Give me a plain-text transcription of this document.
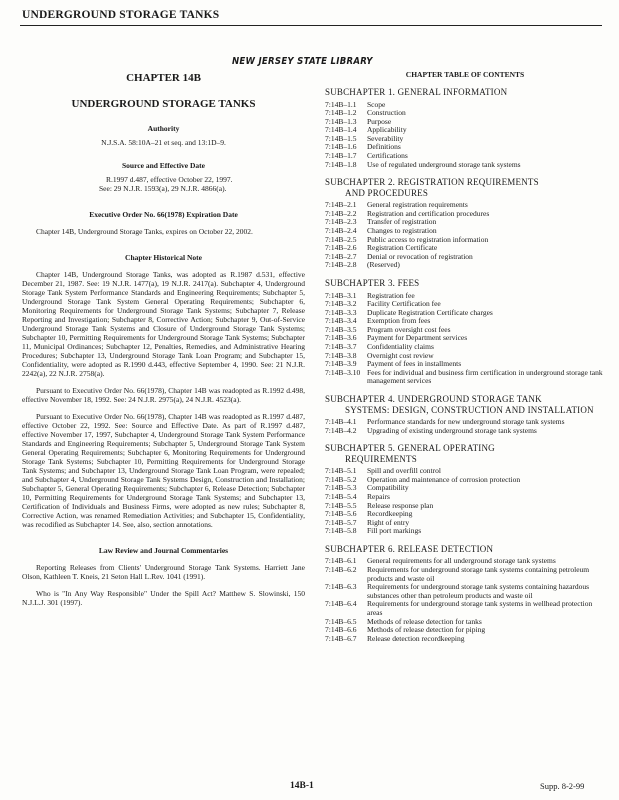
UNDERGROUND STORAGE TANKS
NEW JERSEY STATE LIBRARY
CHAPTER 14B
UNDERGROUND STORAGE TANKS
Authority
N.J.S.A. 58:10A–21 et seq. and 13:1D–9.
Source and Effective Date
R.1997 d.487, effective October 22, 1997.
See: 29 N.J.R. 1593(a), 29 N.J.R. 4866(a).
Executive Order No. 66(1978) Expiration Date

Chapter 14B, Underground Storage Tanks, expires on October 22, 2002.

Chapter Historical Note

Chapter 14B, Underground Storage Tanks, was adopted as R.1987 d.531, effective December 21, 1987. See: 19 N.J.R. 1477(a), 19 N.J.R. 2417(a). Subchapter 4, Underground Storage Tank System Performance Standards and Engineering Requirements; Subchapter 5, Underground Storage Tank System General Operating Requirements; Subchapter 6, Monitoring Requirements for Underground Storage Tank Systems; Subchapter 7, Release Reporting and Investigation; Subchapter 8, Corrective Action; Subchapter 9, Out-of-Service Underground Storage Tank Systems and Closure of Underground Storage Tank Systems; Subchapter 10, Permitting Requirements for Underground Storage Tank Systems; Subchapter 11, Municipal Ordinances; Subchapter 12, Penalties, Remedies, and Administrative Hearing Procedures; Subchapter 13, Underground Storage Tank Loan Program; and Subchapter 15, Confidentiality, were adopted as R.1990 d.443, effective September 4, 1990. See: 21 N.J.R. 2242(a), 22 N.J.R. 2758(a).

Pursuant to Executive Order No. 66(1978), Chapter 14B was readopted as R.1992 d.498, effective November 18, 1992. See: 24 N.J.R. 2975(a), 24 N.J.R. 4523(a).

Pursuant to Executive Order No. 66(1978), Chapter 14B was readopted as R.1997 d.487, effective October 22, 1992. See: Source and Effective Date. As part of R.1997 d.487, effective November 17, 1997, Subchapter 4, Underground Storage Tank System Performance Standards and Engineering Requirements; Subchapter 5, Underground Storage Tank System General Operating Requirements; Subchapter 6, Monitoring Requirements for Underground Storage Tank Systems; Subchapter 10, Permitting Requirements for Underground Storage Tank Systems; and Subchapter 13, Underground Storage Tank Loan Program, were repealed; and Subchapter 4, Underground Storage Tank Systems Design, Construction and Installation; Subchapter 5, General Operating Requirements; Subchapter 6, Release Detection; Subchapter 10, Permitting Requirements for Underground Storage Tank Systems; and Subchapter 13, Certification of Individuals and Business Firms, were adopted as new rules; Subchapter 8, Corrective Action, was renamed Remediation Activities; and Subchapter 15, Confidentiality, was recodified as Subchapter 14. See, also, section annotations.

Law Review and Journal Commentaries

Reporting Releases from Clients' Underground Storage Tank Systems. Harriett Jane Olson, Kathleen T. Kneis, 21 Seton Hall L.Rev. 1041 (1991).

Who is "In Any Way Responsible" Under the Spill Act? Matthew S. Slowinski, 150 N.J.L.J. 301 (1997).

CHAPTER TABLE OF CONTENTS
SUBCHAPTER 1. GENERAL INFORMATION
7:14B–1.1	Scope
7:14B–1.2	Construction
7:14B–1.3	Purpose
7:14B–1.4	Applicability
7:14B–1.5	Severability
7:14B–1.6	Definitions
7:14B–1.7	Certifications
7:14B–1.8	Use of regulated underground storage tank systems
SUBCHAPTER 2. REGISTRATION REQUIREMENTS
AND PROCEDURES
7:14B–2.1	General registration requirements
7:14B–2.2	Registration and certification procedures
7:14B–2.3	Transfer of registration
7:14B–2.4	Changes to registration
7:14B–2.5	Public access to registration information
7:14B–2.6	Registration Certificate
7:14B–2.7	Denial or revocation of registration
7:14B–2.8	(Reserved)
SUBCHAPTER 3. FEES
7:14B–3.1	Registration fee
7:14B–3.2	Facility Certification fee
7:14B–3.3	Duplicate Registration Certificate charges
7:14B–3.4	Exemption from fees
7:14B–3.5	Program oversight cost fees
7:14B–3.6	Payment for Department services
7:14B–3.7	Confidentiality claims
7:14B–3.8	Overnight cost review
7:14B–3.9	Payment of fees in installments
7:14B–3.10 Fees for individual and business firm certification in underground storage tank management services
SUBCHAPTER 4. UNDERGROUND STORAGE TANK
SYSTEMS: DESIGN, CONSTRUCTION AND INSTALLATION
7:14B–4.1	Performance standards for new underground storage tank systems
7:14B–4.2	Upgrading of existing underground storage tank systems
SUBCHAPTER 5. GENERAL OPERATING
REQUIREMENTS
7:14B–5.1	Spill and overfill control
7:14B–5.2	Operation and maintenance of corrosion protection
7:14B–5.3	Compatibility
7:14B–5.4	Repairs
7:14B–5.5	Release response plan
7:14B–5.6	Recordkeeping
7:14B–5.7	Right of entry
7:14B–5.8	Fill port markings
SUBCHAPTER 6. RELEASE DETECTION
7:14B–6.1	General requirements for all underground storage tank systems
7:14B–6.2	Requirements for underground storage tank systems containing petroleum products and waste oil
7:14B–6.3	Requirements for underground storage tank systems containing hazardous substances other than petroleum products and waste oil
7:14B–6.4	Requirements for underground storage tank systems in wellhead protection areas
7:14B–6.5	Methods of release detection for tanks
7:14B–6.6	Methods of release detection for piping
7:14B–6.7	Release detection recordkeeping
14B-1	Supp. 8-2-99
